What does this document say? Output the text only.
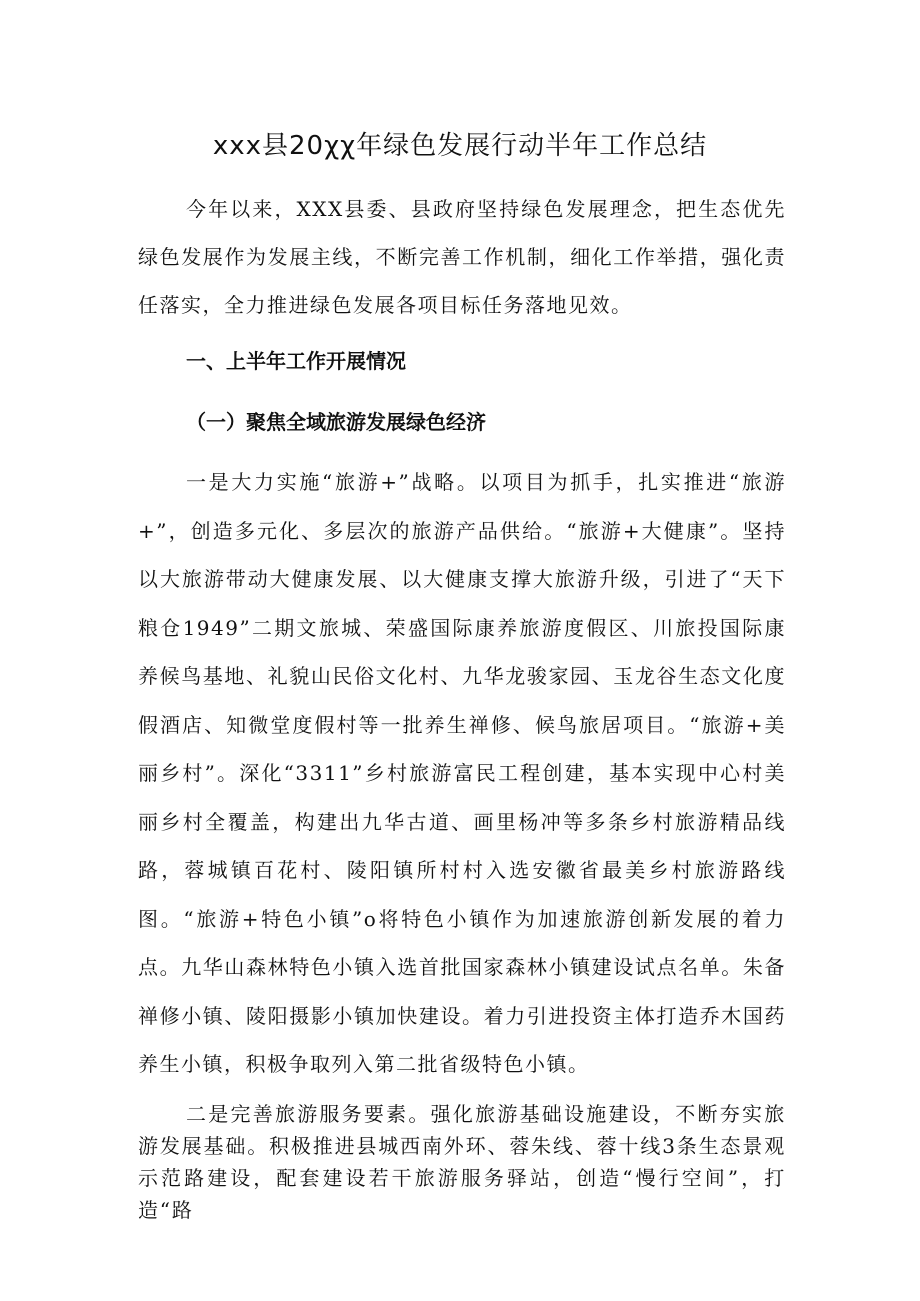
xxx县20χχ年绿色发展行动半年工作总结

今年以来，XXX县委、县政府坚持绿色发展理念，把生态优先绿色发展作为发展主线，不断完善工作机制，细化工作举措，强化责任落实，全力推进绿色发展各项目标任务落地见效。

一、上半年工作开展情况
（一）聚焦全域旅游发展绿色经济

一是大力实施“旅游+”战略。以项目为抓手，扎实推进“旅游+”，创造多元化、多层次的旅游产品供给。“旅游+大健康”。坚持以大旅游带动大健康发展、以大健康支撑大旅游升级，引进了“天下粮仓1949”二期文旅城、荣盛国际康养旅游度假区、川旅投国际康养候鸟基地、礼貌山民俗文化村、九华龙骏家园、玉龙谷生态文化度假酒店、知微堂度假村等一批养生禅修、候鸟旅居项目。“旅游+美丽乡村”。深化“3311”乡村旅游富民工程创建，基本实现中心村美丽乡村全覆盖，构建出九华古道、画里杨冲等多条乡村旅游精品线路，蓉城镇百花村、陵阳镇所村村入选安徽省最美乡村旅游路线图。“旅游+特色小镇”o将特色小镇作为加速旅游创新发展的着力点。九华山森林特色小镇入选首批国家森林小镇建设试点名单。朱备禅修小镇、陵阳摄影小镇加快建设。着力引进投资主体打造乔木国药养生小镇，积极争取列入第二批省级特色小镇。

二是完善旅游服务要素。强化旅游基础设施建设，不断夯实旅游发展基础。积极推进县城西南外环、蓉朱线、蓉十线3条生态景观示范路建设，配套建设若干旅游服务驿站，创造“慢行空间”，打造“路
